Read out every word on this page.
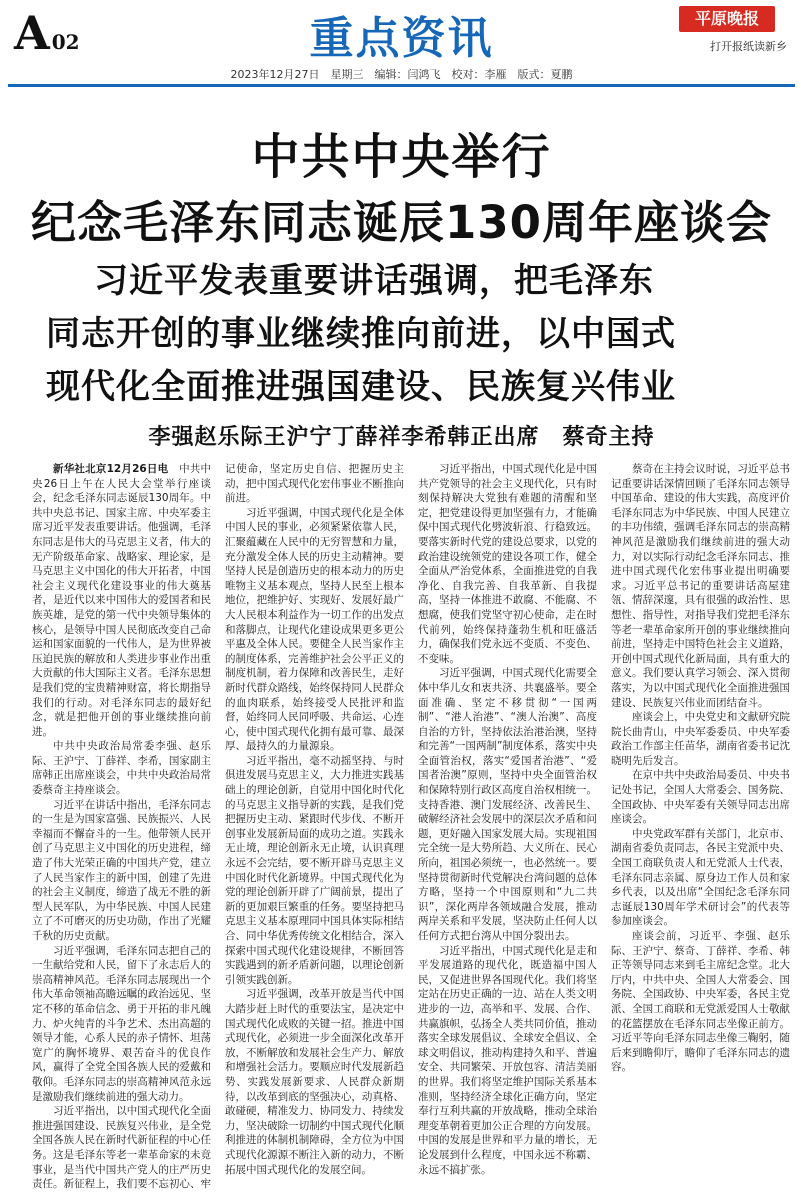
A 02	重点资讯	平原晚报
打开报纸读新乡
2023年12月27日　星期三　编辑：闫鸿飞　校对：李雁　版式：夏鹏
中共中央举行
纪念毛泽东同志诞辰130周年座谈会
习近平发表重要讲话强调，把毛泽东
同志开创的事业继续推向前进，以中国式
现代化全面推进强国建设、民族复兴伟业
李强赵乐际王沪宁丁薛祥李希韩正出席　蔡奇主持

新华社北京12月26日电　 中共中央26日上午在人民大会堂举行座谈会，纪念毛泽东同志诞辰130周年。中共中央总书记、国家主席、中央军委主席习近平发表重要讲话。他强调，毛泽东同志是伟大的马克思主义者，伟大的无产阶级革命家、战略家、理论家，是马克思主义中国化的伟大开拓者，中国社会主义现代化建设事业的伟大奠基者，是近代以来中国伟大的爱国者和民族英雄，是党的第一代中央领导集体的核心，是领导中国人民彻底改变自己命运和国家面貌的一代伟人，是为世界被压迫民族的解放和人类进步事业作出重大贡献的伟大国际主义者。毛泽东思想是我们党的宝贵精神财富，将长期指导我们的行动。对毛泽东同志的最好纪念，就是把他开创的事业继续推向前进。

中共中央政治局常委李强、赵乐际、王沪宁、丁薛祥、李希，国家副主席韩正出席座谈会，中共中央政治局常委蔡奇主持座谈会。

习近平在讲话中指出，毛泽东同志的一生是为国家富强、民族振兴、人民幸福而不懈奋斗的一生。他带领人民开创了马克思主义中国化的历史进程，缔造了伟大光荣正确的中国共产党，建立了人民当家作主的新中国，创建了先进的社会主义制度，缔造了战无不胜的新型人民军队，为中华民族、中国人民建立了不可磨灭的历史功勋，作出了光耀千秋的历史贡献。

习近平强调，毛泽东同志把自己的一生献给党和人民，留下了永志后人的崇高精神风范。毛泽东同志展现出一个伟大革命领袖高瞻远瞩的政治远见、坚定不移的革命信念、勇于开拓的非凡魄力、炉火纯青的斗争艺术、杰出高超的领导才能，心系人民的赤子情怀、坦荡宽广的胸怀境界、艰苦奋斗的优良作风，赢得了全党全国各族人民的爱戴和敬仰。毛泽东同志的崇高精神风范永远是激励我们继续前进的强大动力。

习近平指出，以中国式现代化全面推进强国建设、民族复兴伟业，是全党全国各族人民在新时代新征程的中心任务。这是毛泽东等老一辈革命家的未竟事业，是当代中国共产党人的庄严历史责任。新征程上，我们要不忘初心、牢记使命，坚定历史自信、把握历史主动，把中国式现代化宏伟事业不断推向前进。

习近平强调，中国式现代化是全体中国人民的事业，必须紧紧依靠人民，汇聚蕴藏在人民中的无穷智慧和力量，充分激发全体人民的历史主动精神。要坚持人民是创造历史的根本动力的历史唯物主义基本观点，坚持人民至上根本地位，把维护好、实现好、发展好最广大人民根本利益作为一切工作的出发点和落脚点，让现代化建设成果更多更公平惠及全体人民。要健全人民当家作主的制度体系，完善维护社会公平正义的制度机制，着力保障和改善民生，走好新时代群众路线，始终保持同人民群众的血肉联系，始终接受人民批评和监督，始终同人民同呼吸、共命运、心连心，使中国式现代化拥有最可靠、最深厚、最持久的力量源泉。

习近平指出，毫不动摇坚持、与时俱进发展马克思主义，大力推进实践基础上的理论创新，自觉用中国化时代化的马克思主义指导新的实践，是我们党把握历史主动、紧跟时代步伐、不断开创事业发展新局面的成功之道。实践永无止境，理论创新永无止境，认识真理永远不会完结，要不断开辟马克思主义中国化时代化新境界。中国式现代化为党的理论创新开辟了广阔前景，提出了新的更加艰巨繁重的任务。要坚持把马克思主义基本原理同中国具体实际相结合、同中华优秀传统文化相结合，深入探索中国式现代化建设规律，不断回答实践遇到的新矛盾新问题，以理论创新引领实践创新。

习近平强调，改革开放是当代中国大踏步赶上时代的重要法宝，是决定中国式现代化成败的关键一招。推进中国式现代化，必须进一步全面深化改革开放，不断解放和发展社会生产力、解放和增强社会活力。要顺应时代发展新趋势、实践发展新要求、人民群众新期待，以改革到底的坚强决心，动真格、敢碰硬，精准发力、协同发力、持续发力，坚决破除一切制约中国式现代化顺利推进的体制机制障碍，全方位为中国式现代化源源不断注入新的动力，不断拓展中国式现代化的发展空间。

习近平指出，中国式现代化是中国共产党领导的社会主义现代化，只有时刻保持解决大党独有难题的清醒和坚定，把党建设得更加坚强有力，才能确保中国式现代化劈波斩浪、行稳致远。要落实新时代党的建设总要求，以党的政治建设统领党的建设各项工作，健全全面从严治党体系，全面推进党的自我净化、自我完善、自我革新、自我提高，坚持一体推进不敢腐、不能腐、不想腐，使我们党坚守初心使命，走在时代前列，始终保持蓬勃生机和旺盛活力，确保我们党永远不变质、不变色、不变味。

习近平强调，中国式现代化需要全体中华儿女和衷共济、共襄盛举。要全面准确、坚定不移贯彻“一国两制”、“港人治港”、“澳人治澳”、高度自治的方针，坚持依法治港治澳，坚持和完善“一国两制”制度体系，落实中央全面管治权，落实“爱国者治港”、“爱国者治澳”原则，坚持中央全面管治权和保障特别行政区高度自治权相统一。支持香港、澳门发展经济、改善民生、破解经济社会发展中的深层次矛盾和问题，更好融入国家发展大局。实现祖国完全统一是大势所趋、大义所在、民心所向，祖国必须统一，也必然统一。要坚持贯彻新时代党解决台湾问题的总体方略，坚持一个中国原则和“九二共识”，深化两岸各领域融合发展，推动两岸关系和平发展，坚决防止任何人以任何方式把台湾从中国分裂出去。

习近平指出，中国式现代化是走和平发展道路的现代化，既造福中国人民，又促进世界各国现代化。我们将坚定站在历史正确的一边、站在人类文明进步的一边，高举和平、发展、合作、共赢旗帜，弘扬全人类共同价值，推动落实全球发展倡议、全球安全倡议、全球文明倡议，推动构建持久和平、普遍安全、共同繁荣、开放包容、清洁美丽的世界。我们将坚定维护国际关系基本准则，坚持经济全球化正确方向，坚定奉行互利共赢的开放战略，推动全球治理变革朝着更加公正合理的方向发展。中国的发展是世界和平力量的增长，无论发展到什么程度，中国永远不称霸、永远不搞扩张。

蔡奇在主持会议时说，习近平总书记重要讲话深情回顾了毛泽东同志领导中国革命、建设的伟大实践，高度评价毛泽东同志为中华民族、中国人民建立的丰功伟绩，强调毛泽东同志的崇高精神风范是激励我们继续前进的强大动力，对以实际行动纪念毛泽东同志、推进中国式现代化宏伟事业提出明确要求。习近平总书记的重要讲话高屋建瓴、情辞深邃，具有很强的政治性、思想性、指导性，对指导我们党把毛泽东等老一辈革命家所开创的事业继续推向前进，坚持走中国特色社会主义道路，开创中国式现代化新局面，具有重大的意义。我们要认真学习领会、深入贯彻落实，为以中国式现代化全面推进强国建设、民族复兴伟业而团结奋斗。

座谈会上，中央党史和文献研究院院长曲青山，中央军委委员、中央军委政治工作部主任苗华，湖南省委书记沈晓明先后发言。

在京中共中央政治局委员、中央书记处书记，全国人大常委会、国务院、全国政协、中央军委有关领导同志出席座谈会。

中央党政军群有关部门，北京市、湖南省委负责同志，各民主党派中央、全国工商联负责人和无党派人士代表，毛泽东同志亲属、原身边工作人员和家乡代表，以及出席“全国纪念毛泽东同志诞辰130周年学术研讨会”的代表等参加座谈会。

座谈会前，习近平、李强、赵乐际、王沪宁、蔡奇、丁薛祥、李希、韩正等领导同志来到毛主席纪念堂。北大厅内，中共中央、全国人大常委会、国务院、全国政协、中央军委，各民主党派、全国工商联和无党派爱国人士敬献的花篮摆放在毛泽东同志坐像正前方。习近平等向毛泽东同志坐像三鞠躬，随后来到瞻仰厅，瞻仰了毛泽东同志的遗容。
